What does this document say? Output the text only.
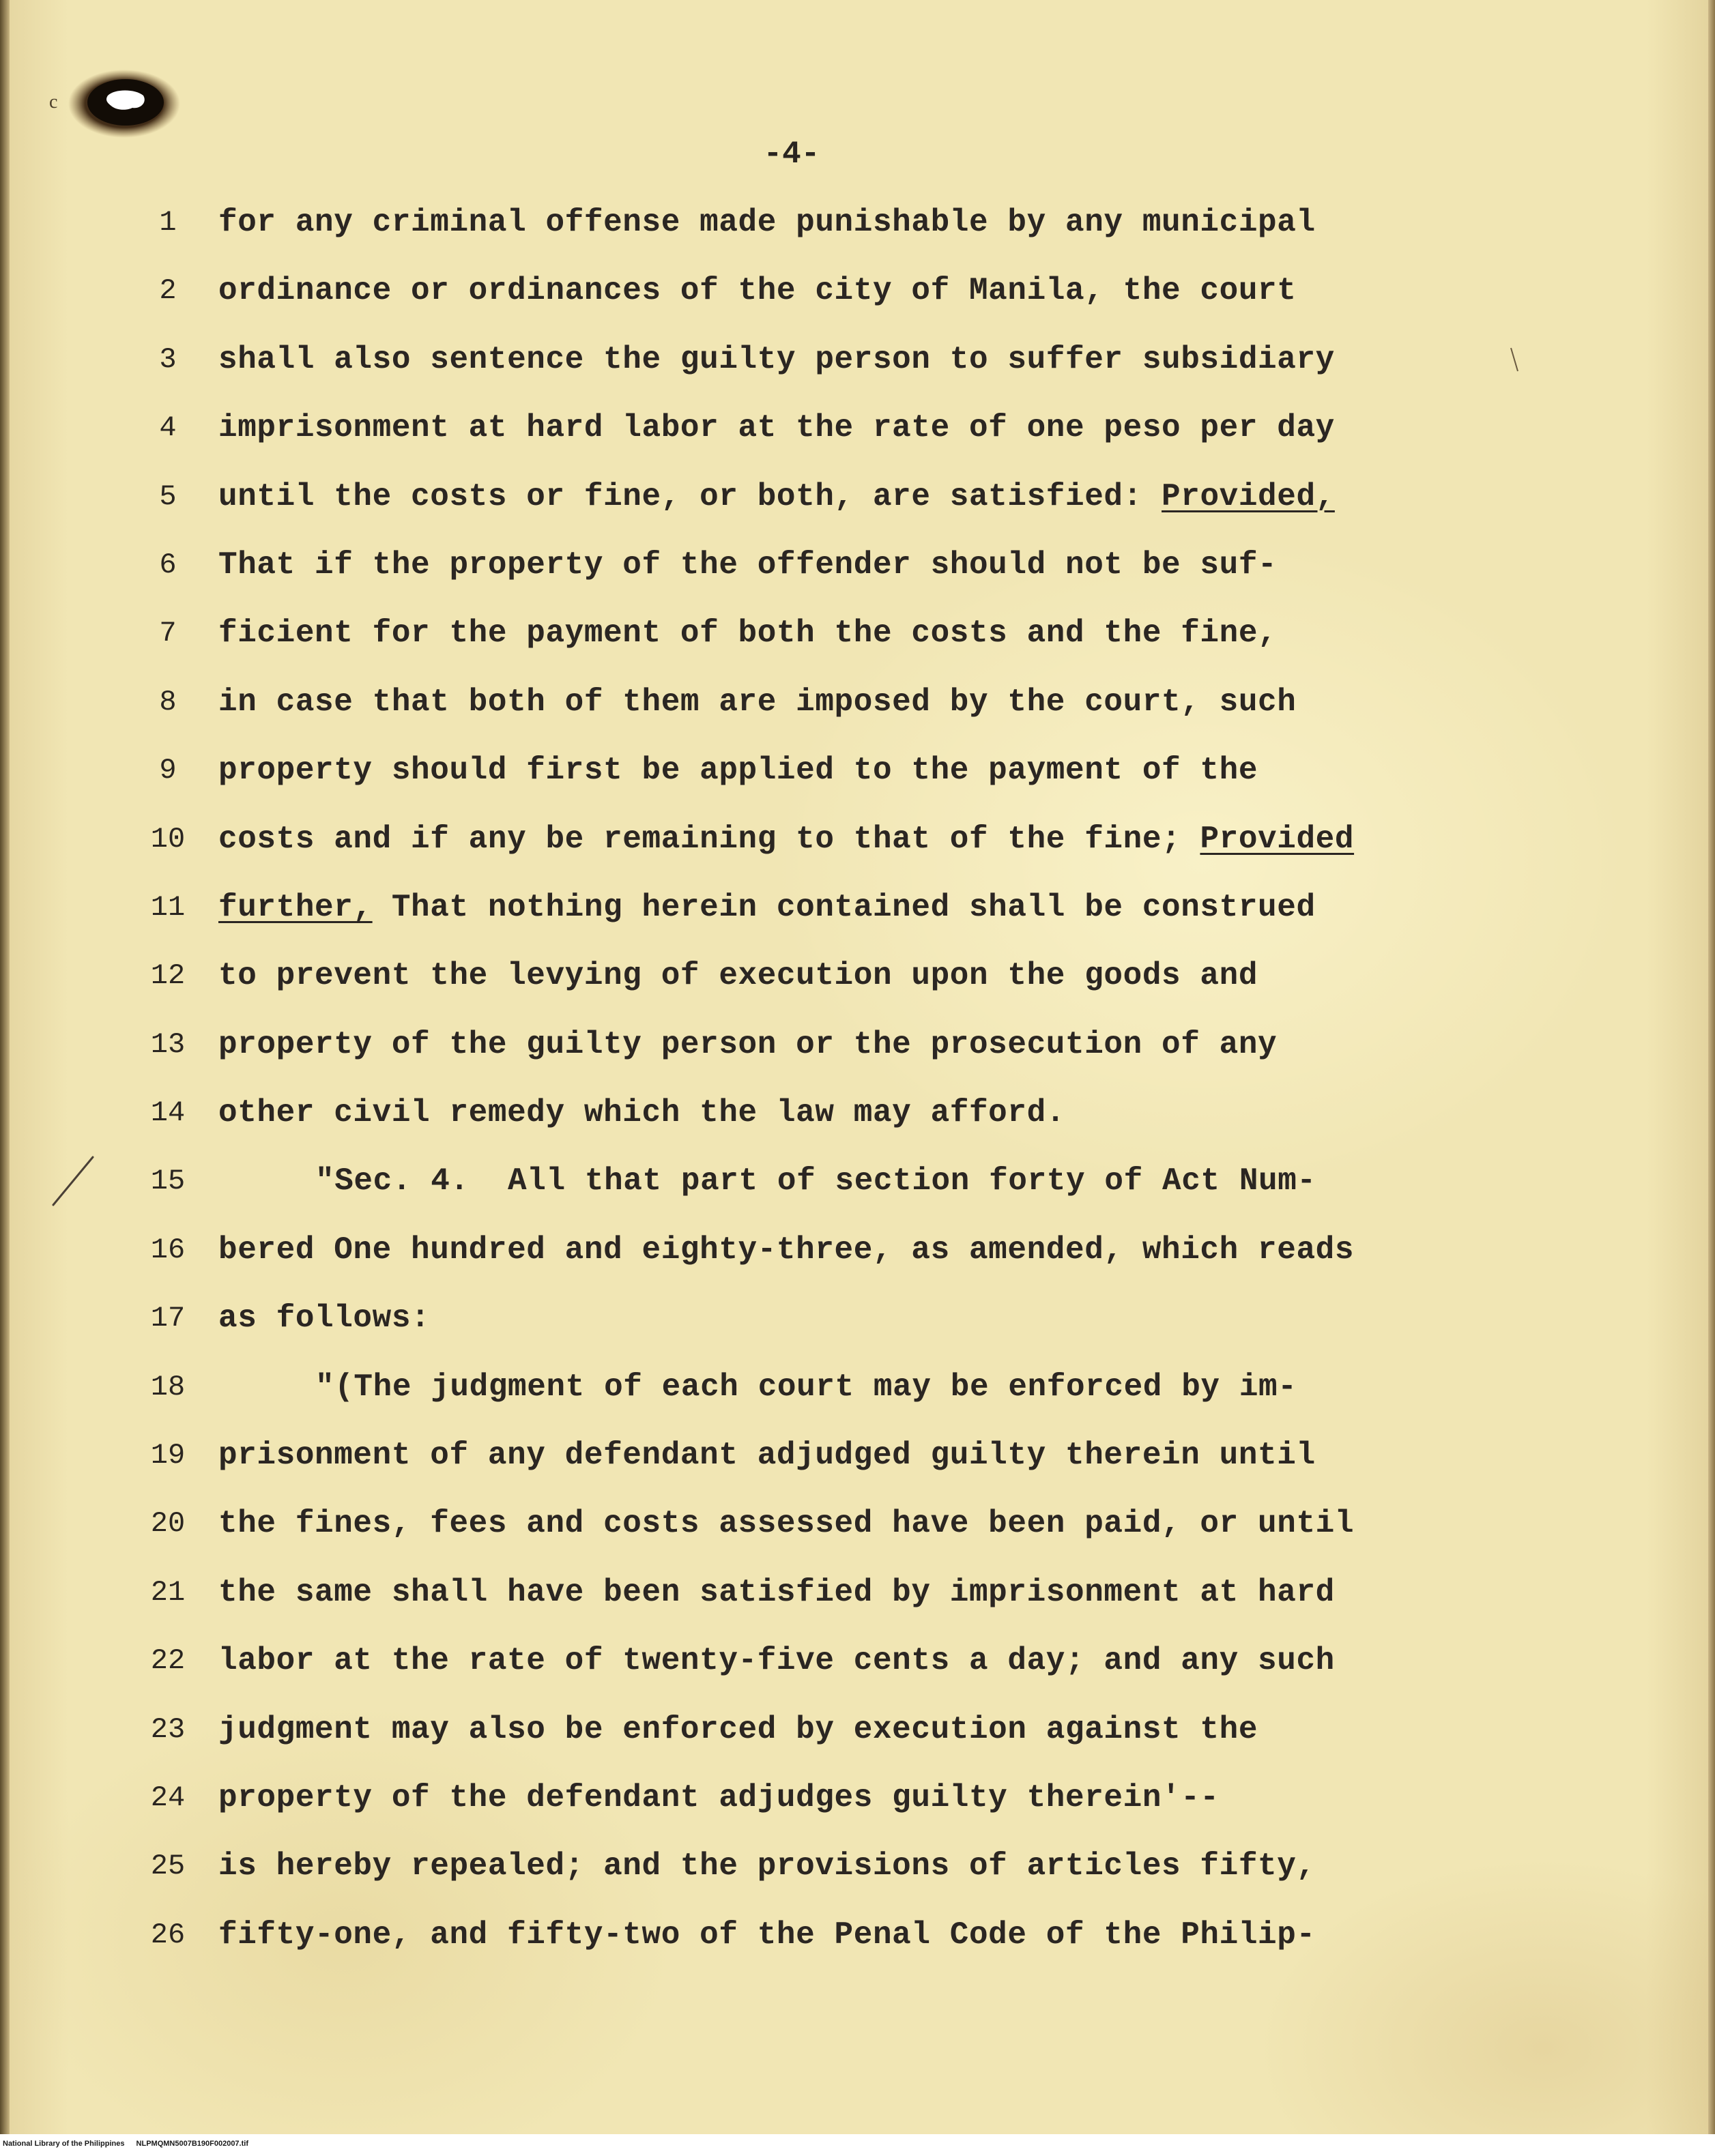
c
-4-
1
2
3
4
5
6
7
8
9
10
11
12
13
14
15
16
17
18
19
20
21
22
23
24
25
26
for any criminal offense made punishable by any municipal
ordinance or ordinances of the city of Manila, the court
shall also sentence the guilty person to suffer subsidiary
imprisonment at hard labor at the rate of one peso per day
until the costs or fine, or both, are satisfied: Provided,
That if the property of the offender should not be suf-
ficient for the payment of both the costs and the fine,
in case that both of them are imposed by the court, such
property should first be applied to the payment of the
costs and if any be remaining to that of the fine; Provided
further, That nothing herein contained shall be construed
to prevent the levying of execution upon the goods and
property of the guilty person or the prosecution of any
other civil remedy which the law may afford.
"Sec. 4.  All that part of section forty of Act Num-
bered One hundred and eighty-three, as amended, which reads
as follows:
"(The judgment of each court may be enforced by im-
prisonment of any defendant adjudged guilty therein until
the fines, fees and costs assessed have been paid, or until
the same shall have been satisfied by imprisonment at hard
labor at the rate of twenty-five cents a day; and any such
judgment may also be enforced by execution against the
property of the defendant adjudges guilty therein'--
is hereby repealed; and the provisions of articles fifty,
fifty-one, and fifty-two of the Penal Code of the Philip-
National Library of the Philippines NLPMQMN5007B190F002007.tif
